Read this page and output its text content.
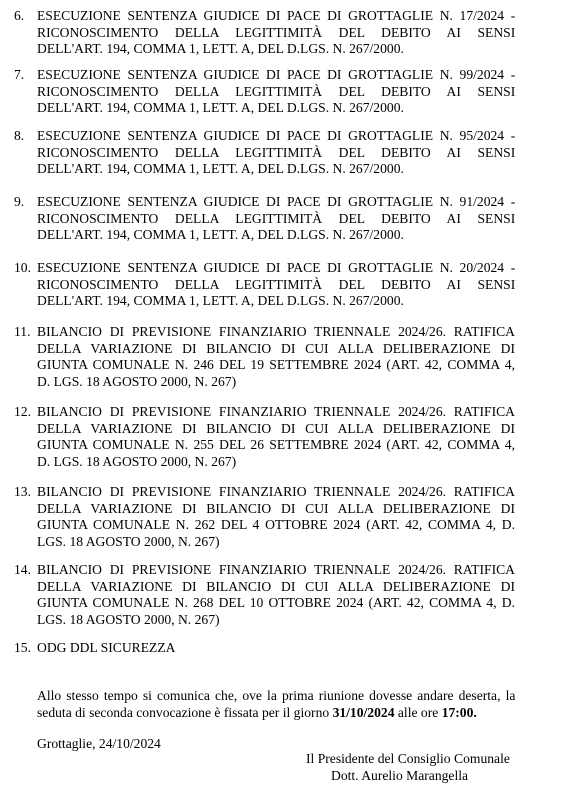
6. ESECUZIONE SENTENZA GIUDICE DI PACE DI GROTTAGLIE N. 17/2024 -
RICONOSCIMENTO DELLA LEGITTIMITÀ DEL DEBITO AI SENSI
DELL'ART. 194, COMMA 1, LETT. A, DEL D.LGS. N. 267/2000.
7. ESECUZIONE SENTENZA GIUDICE DI PACE DI GROTTAGLIE N. 99/2024 -
RICONOSCIMENTO DELLA LEGITTIMITÀ DEL DEBITO AI SENSI
DELL'ART. 194, COMMA 1, LETT. A, DEL D.LGS. N. 267/2000.
8. ESECUZIONE SENTENZA GIUDICE DI PACE DI GROTTAGLIE N. 95/2024 -
RICONOSCIMENTO DELLA LEGITTIMITÀ DEL DEBITO AI SENSI
DELL'ART. 194, COMMA 1, LETT. A, DEL D.LGS. N. 267/2000.
9. ESECUZIONE SENTENZA GIUDICE DI PACE DI GROTTAGLIE N. 91/2024 -
RICONOSCIMENTO DELLA LEGITTIMITÀ DEL DEBITO AI SENSI
DELL'ART. 194, COMMA 1, LETT. A, DEL D.LGS. N. 267/2000.
10. ESECUZIONE SENTENZA GIUDICE DI PACE DI GROTTAGLIE N. 20/2024 -
RICONOSCIMENTO DELLA LEGITTIMITÀ DEL DEBITO AI SENSI
DELL'ART. 194, COMMA 1, LETT. A, DEL D.LGS. N. 267/2000.
11. BILANCIO DI PREVISIONE FINANZIARIO TRIENNALE 2024/26. RATIFICA
DELLA VARIAZIONE DI BILANCIO DI CUI ALLA DELIBERAZIONE DI
GIUNTA COMUNALE N. 246 DEL 19 SETTEMBRE 2024 (ART. 42, COMMA 4,
D. LGS. 18 AGOSTO 2000, N. 267)
12. BILANCIO DI PREVISIONE FINANZIARIO TRIENNALE 2024/26. RATIFICA
DELLA VARIAZIONE DI BILANCIO DI CUI ALLA DELIBERAZIONE DI
GIUNTA COMUNALE N. 255 DEL 26 SETTEMBRE 2024 (ART. 42, COMMA 4,
D. LGS. 18 AGOSTO 2000, N. 267)
13. BILANCIO DI PREVISIONE FINANZIARIO TRIENNALE 2024/26. RATIFICA
DELLA VARIAZIONE DI BILANCIO DI CUI ALLA DELIBERAZIONE DI
GIUNTA COMUNALE N. 262 DEL 4 OTTOBRE 2024 (ART. 42, COMMA 4, D.
LGS. 18 AGOSTO 2000, N. 267)
14. BILANCIO DI PREVISIONE FINANZIARIO TRIENNALE 2024/26. RATIFICA
DELLA VARIAZIONE DI BILANCIO DI CUI ALLA DELIBERAZIONE DI
GIUNTA COMUNALE N. 268 DEL 10 OTTOBRE 2024 (ART. 42, COMMA 4, D.
LGS. 18 AGOSTO 2000, N. 267)
15. ODG DDL SICUREZZA
Allo stesso tempo si comunica che, ove la prima riunione dovesse andare deserta, la
seduta di seconda convocazione è fissata per il giorno 31/10/2024 alle ore 17:00.
Grottaglie, 24/10/2024
Il Presidente del Consiglio Comunale
Dott. Aurelio Marangella
